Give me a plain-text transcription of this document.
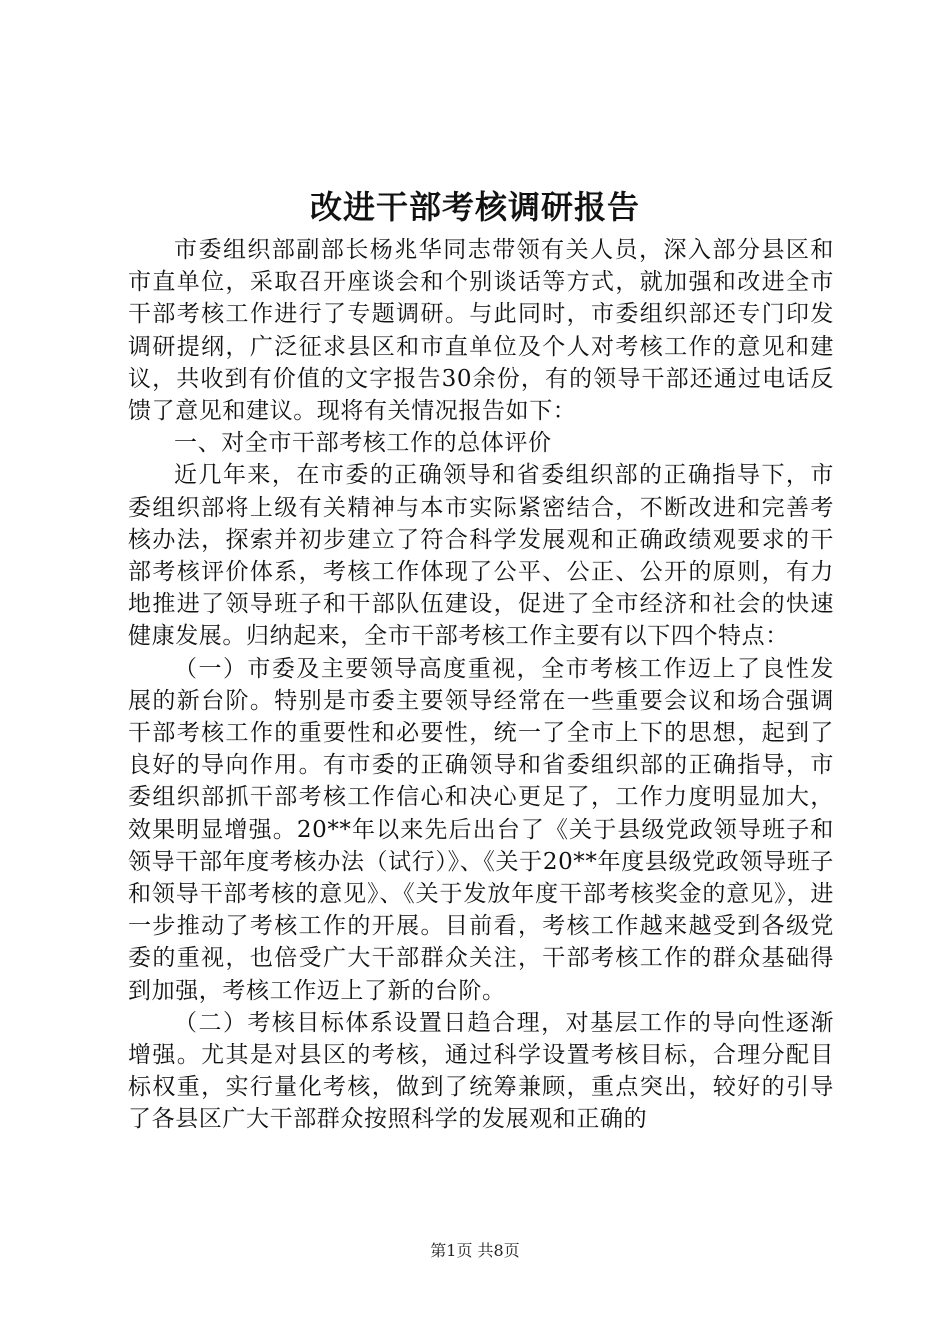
改进干部考核调研报告

市委组织部副部长杨兆华同志带领有关人员，深入部分县区和市直单位，采取召开座谈会和个别谈话等方式，就加强和改进全市干部考核工作进行了专题调研。与此同时，市委组织部还专门印发调研提纲，广泛征求县区和市直单位及个人对考核工作的意见和建议，共收到有价值的文字报告30余份，有的领导干部还通过电话反馈了意见和建议。现将有关情况报告如下：

一、对全市干部考核工作的总体评价

近几年来，在市委的正确领导和省委组织部的正确指导下，市委组织部将上级有关精神与本市实际紧密结合，不断改进和完善考核办法，探索并初步建立了符合科学发展观和正确政绩观要求的干部考核评价体系，考核工作体现了公平、公正、公开的原则，有力地推进了领导班子和干部队伍建设，促进了全市经济和社会的快速健康发展。归纳起来，全市干部考核工作主要有以下四个特点：

（一）市委及主要领导高度重视，全市考核工作迈上了良性发展的新台阶。特别是市委主要领导经常在一些重要会议和场合强调干部考核工作的重要性和必要性，统一了全市上下的思想，起到了良好的导向作用。有市委的正确领导和省委组织部的正确指导，市委组织部抓干部考核工作信心和决心更足了，工作力度明显加大，效果明显增强。20**年以来先后出台了《关于县级党政领导班子和领导干部年度考核办法（试行）》、《关于20**年度县级党政领导班子和领导干部考核的意见》、《关于发放年度干部考核奖金的意见》，进一步推动了考核工作的开展。目前看，考核工作越来越受到各级党委的重视，也倍受广大干部群众关注，干部考核工作的群众基础得到加强，考核工作迈上了新的台阶。

（二）考核目标体系设置日趋合理，对基层工作的导向性逐渐增强。尤其是对县区的考核，通过科学设置考核目标，合理分配目标权重，实行量化考核，做到了统筹兼顾，重点突出，较好的引导了各县区广大干部群众按照科学的发展观和正确的

第1页 共8页
